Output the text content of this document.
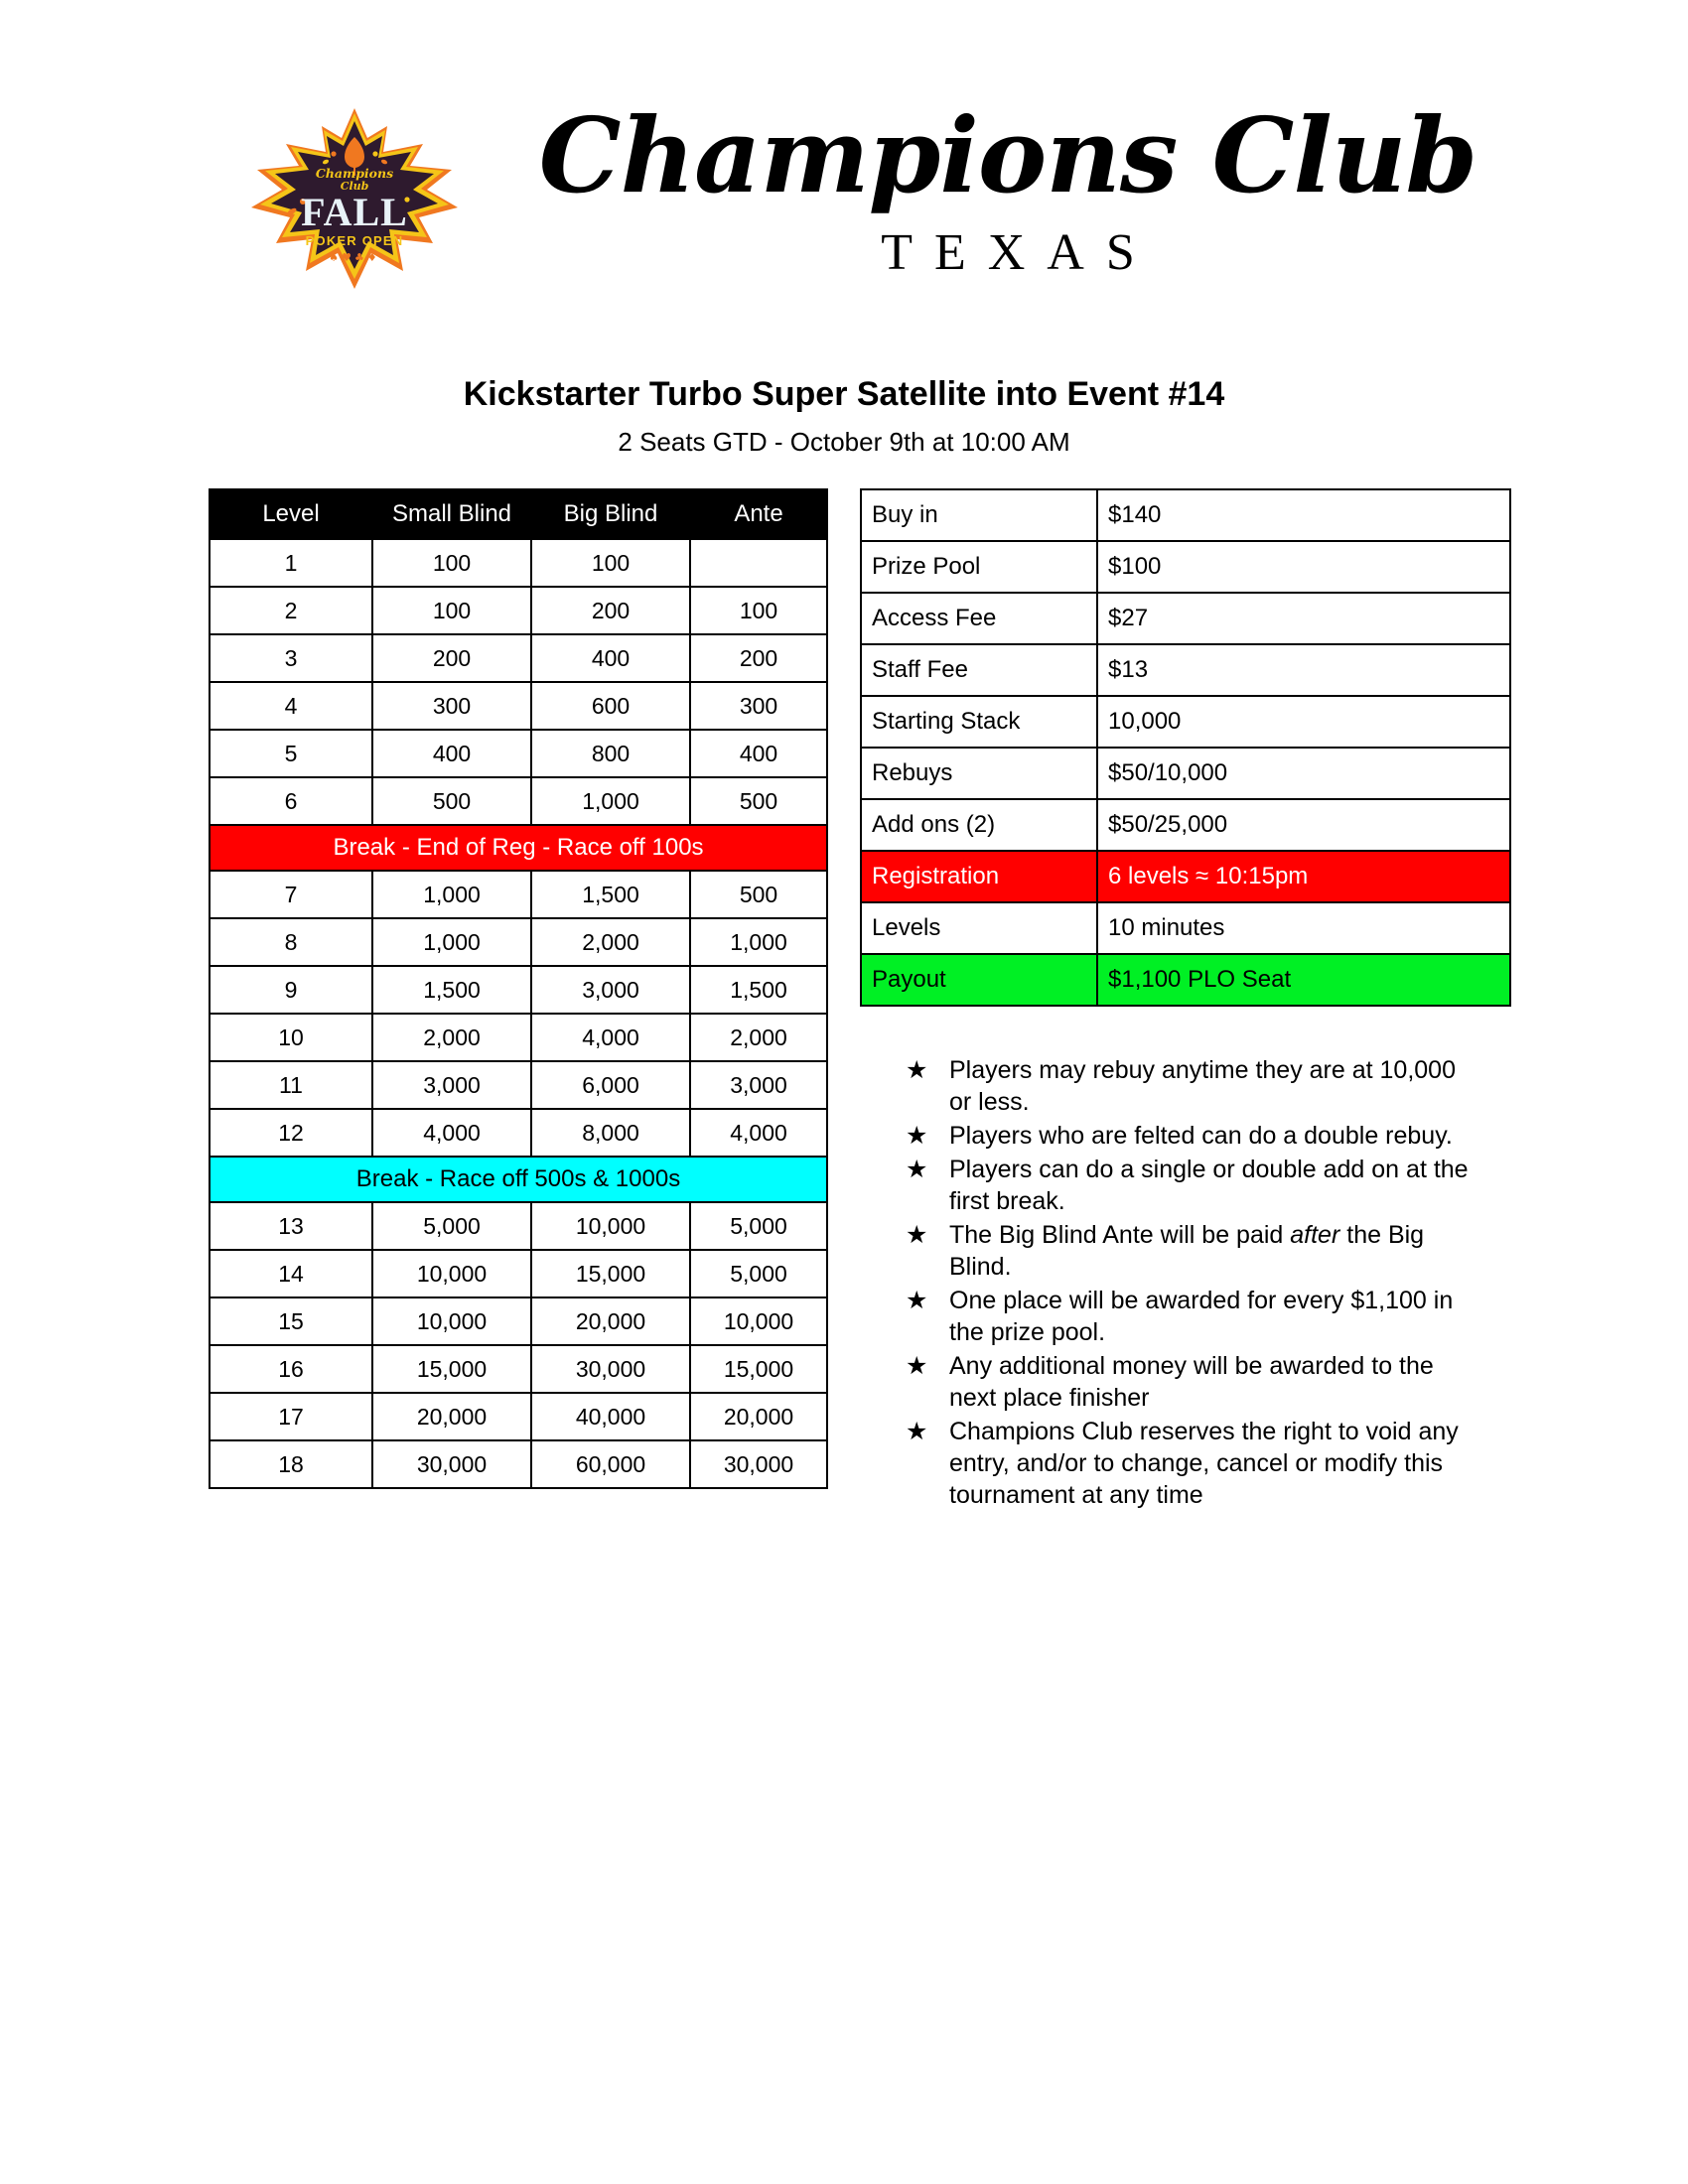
Champions
Club
FALL
POKER OPEN
♠♥♣♦
Champions Club
TEXAS
Kickstarter Turbo Super Satellite into Event #14
2 Seats GTD - October 9th at 10:00 AM
Level	Small Blind	Big Blind	Ante
1	100	100	
2	100	200	100
3	200	400	200
4	300	600	300
5	400	800	400
6	500	1,000	500
Break - End of Reg - Race off 100s			
7	1,000	1,500	500
8	1,000	2,000	1,000
9	1,500	3,000	1,500
10	2,000	4,000	2,000
11	3,000	6,000	3,000
12	4,000	8,000	4,000
Break - Race off 500s & 1000s			
13	5,000	10,000	5,000
14	10,000	15,000	5,000
15	10,000	20,000	10,000
16	15,000	30,000	15,000
17	20,000	40,000	20,000
18	30,000	60,000	30,000
Buy in	$140
Prize Pool	$100
Access Fee	$27
Staff Fee	$13
Starting Stack	10,000
Rebuys	$50/10,000
Add ons (2)	$50/25,000
Registration	6 levels ≈ 10:15pm
Levels	10 minutes
Payout	$1,100 PLO Seat
★ Players may rebuy anytime they are at 10,000 or less.
★ Players who are felted can do a double rebuy.
★ Players can do a single or double add on at the first break.
★ The Big Blind Ante will be paid after the Big Blind.
★ One place will be awarded for every $1,100 in the prize pool.
★ Any additional money will be awarded to the next place finisher
★ Champions Club reserves the right to void any entry, and/or to change, cancel or modify this tournament at any time
